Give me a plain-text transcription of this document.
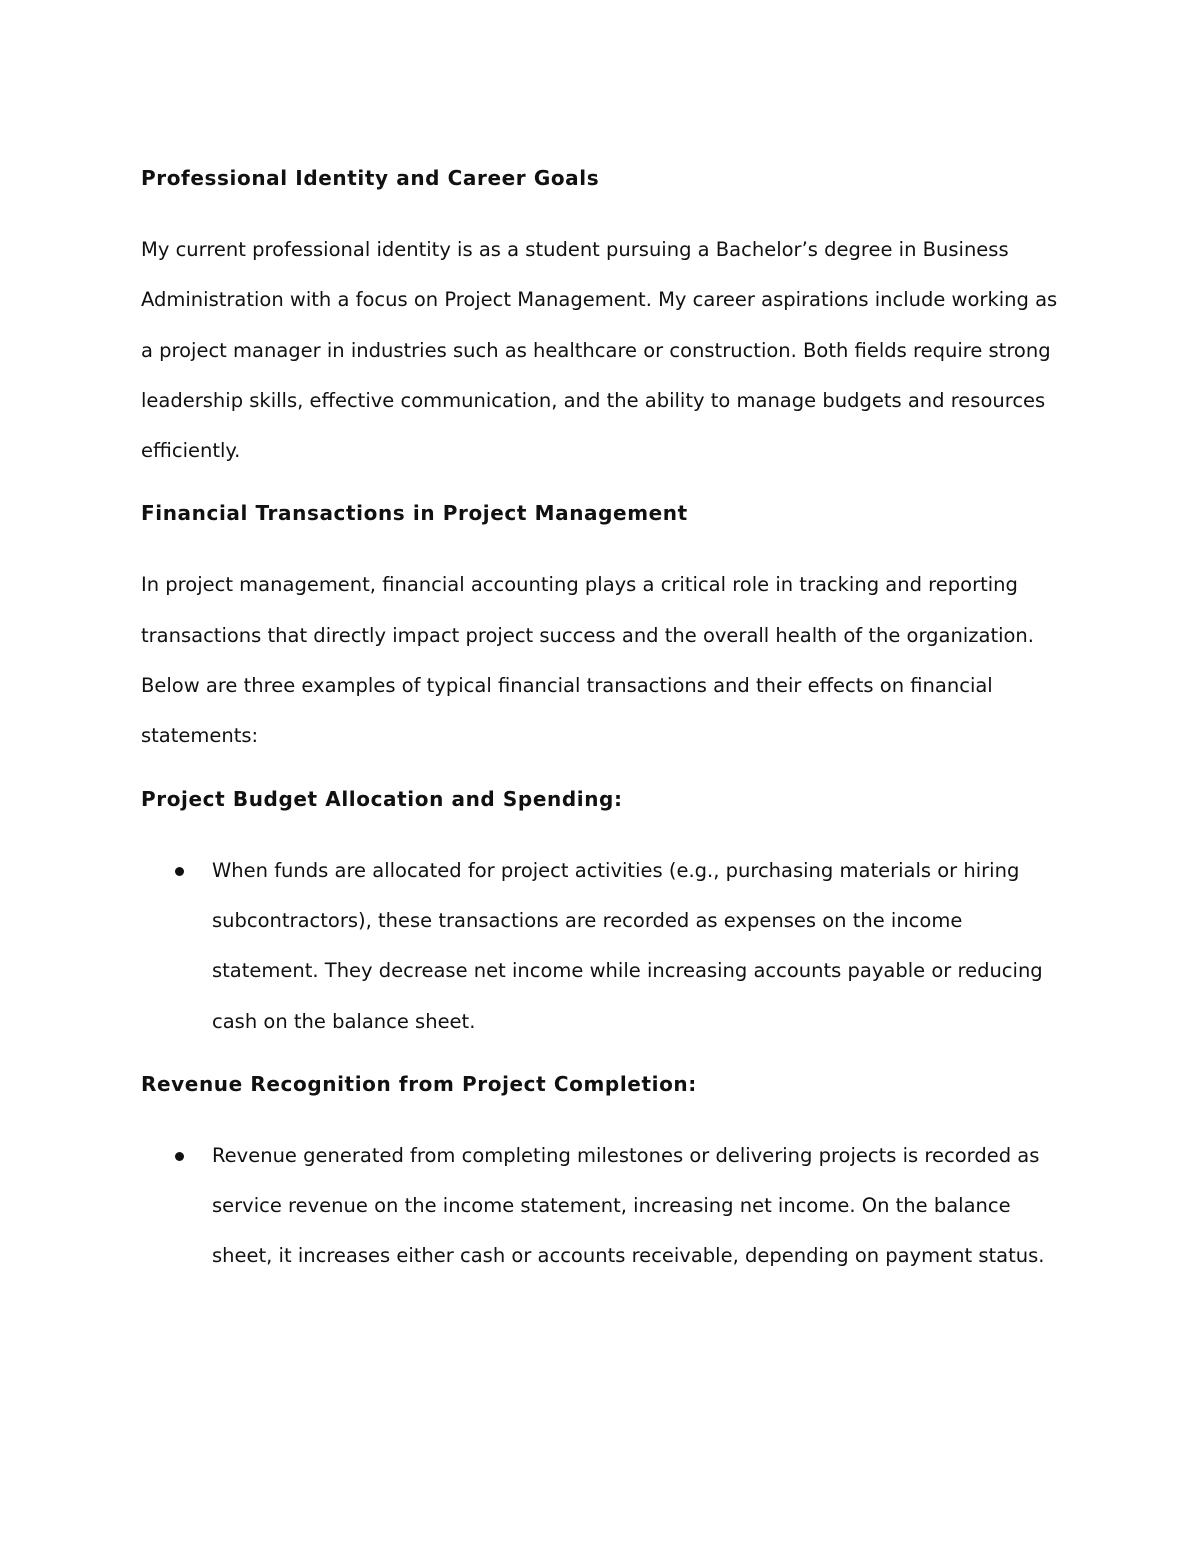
Professional Identity and Career Goals

My current professional identity is as a student pursuing a Bachelor’s degree in Business Administration with a focus on Project Management. My career aspirations include working as a project manager in industries such as healthcare or construction. Both fields require strong leadership skills, effective communication, and the ability to manage budgets and resources efficiently.

Financial Transactions in Project Management

In project management, financial accounting plays a critical role in tracking and reporting transactions that directly impact project success and the overall health of the organization. Below are three examples of typical financial transactions and their effects on financial statements:

Project Budget Allocation and Spending:
When funds are allocated for project activities (e.g., purchasing materials or hiring subcontractors), these transactions are recorded as expenses on the income statement. They decrease net income while increasing accounts payable or reducing cash on the balance sheet.
Revenue Recognition from Project Completion:
Revenue generated from completing milestones or delivering projects is recorded as service revenue on the income statement, increasing net income. On the balance sheet, it increases either cash or accounts receivable, depending on payment status.
